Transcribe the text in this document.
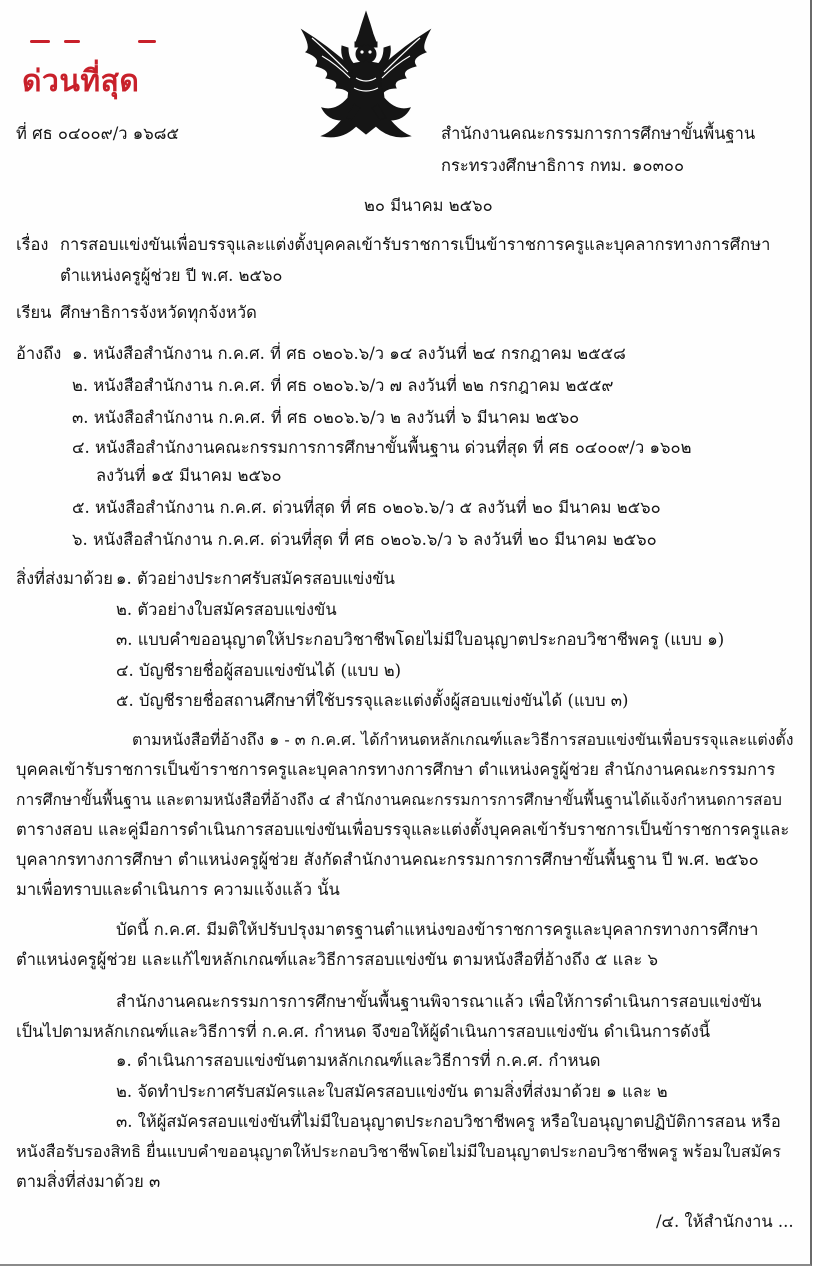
ด่วนที่สุด
ที่ ศธ ๐๔๐๐๙/ว ๑๖๘๕	สำนักงานคณะกรรมการการศึกษาขั้นพื้นฐาน
กระทรวงศึกษาธิการ กทม. ๑๐๓๐๐
๒๐ มีนาคม ๒๕๖๐
เรื่อง การสอบแข่งขันเพื่อบรรจุและแต่งตั้งบุคคลเข้ารับราชการเป็นข้าราชการครูและบุคลากรทางการศึกษา
ตำแหน่งครูผู้ช่วย ปี พ.ศ. ๒๕๖๐
เรียน ศึกษาธิการจังหวัดทุกจังหวัด
อ้างถึง ๑. หนังสือสำนักงาน ก.ค.ศ. ที่ ศธ ๐๒๐๖.๖/ว ๑๔ ลงวันที่ ๒๔ กรกฎาคม ๒๕๕๘
๒. หนังสือสำนักงาน ก.ค.ศ. ที่ ศธ ๐๒๐๖.๖/ว ๗ ลงวันที่ ๒๒ กรกฎาคม ๒๕๕๙
๓. หนังสือสำนักงาน ก.ค.ศ. ที่ ศธ ๐๒๐๖.๖/ว ๒ ลงวันที่ ๖ มีนาคม ๒๕๖๐
๔. หนังสือสำนักงานคณะกรรมการการศึกษาขั้นพื้นฐาน ด่วนที่สุด ที่ ศธ ๐๔๐๐๙/ว ๑๖๐๒
ลงวันที่ ๑๕ มีนาคม ๒๕๖๐
๕. หนังสือสำนักงาน ก.ค.ศ. ด่วนที่สุด ที่ ศธ ๐๒๐๖.๖/ว ๕ ลงวันที่ ๒๐ มีนาคม ๒๕๖๐
๖. หนังสือสำนักงาน ก.ค.ศ. ด่วนที่สุด ที่ ศธ ๐๒๐๖.๖/ว ๖ ลงวันที่ ๒๐ มีนาคม ๒๕๖๐
สิ่งที่ส่งมาด้วย ๑. ตัวอย่างประกาศรับสมัครสอบแข่งขัน
๒. ตัวอย่างใบสมัครสอบแข่งขัน
๓. แบบคำขออนุญาตให้ประกอบวิชาชีพโดยไม่มีใบอนุญาตประกอบวิชาชีพครู (แบบ ๑)
๔. บัญชีรายชื่อผู้สอบแข่งขันได้ (แบบ ๒)
๕. บัญชีรายชื่อสถานศึกษาที่ใช้บรรจุและแต่งตั้งผู้สอบแข่งขันได้ (แบบ ๓)
ตามหนังสือที่อ้างถึง ๑ - ๓ ก.ค.ศ. ได้กำหนดหลักเกณฑ์และวิธีการสอบแข่งขันเพื่อบรรจุและแต่งตั้ง
บุคคลเข้ารับราชการเป็นข้าราชการครูและบุคลากรทางการศึกษา ตำแหน่งครูผู้ช่วย สำนักงานคณะกรรมการ
การศึกษาขั้นพื้นฐาน และตามหนังสือที่อ้างถึง ๔ สำนักงานคณะกรรมการการศึกษาขั้นพื้นฐานได้แจ้งกำหนดการสอบ
ตารางสอบ และคู่มือการดำเนินการสอบแข่งขันเพื่อบรรจุและแต่งตั้งบุคคลเข้ารับราชการเป็นข้าราชการครูและ
บุคลากรทางการศึกษา ตำแหน่งครูผู้ช่วย สังกัดสำนักงานคณะกรรมการการศึกษาขั้นพื้นฐาน ปี พ.ศ. ๒๕๖๐
มาเพื่อทราบและดำเนินการ ความแจ้งแล้ว นั้น
บัดนี้ ก.ค.ศ. มีมติให้ปรับปรุงมาตรฐานตำแหน่งของข้าราชการครูและบุคลากรทางการศึกษา
ตำแหน่งครูผู้ช่วย และแก้ไขหลักเกณฑ์และวิธีการสอบแข่งขัน ตามหนังสือที่อ้างถึง ๕ และ ๖
สำนักงานคณะกรรมการการศึกษาขั้นพื้นฐานพิจารณาแล้ว เพื่อให้การดำเนินการสอบแข่งขัน
เป็นไปตามหลักเกณฑ์และวิธีการที่ ก.ค.ศ. กำหนด จึงขอให้ผู้ดำเนินการสอบแข่งขัน ดำเนินการดังนี้
๑. ดำเนินการสอบแข่งขันตามหลักเกณฑ์และวิธีการที่ ก.ค.ศ. กำหนด
๒. จัดทำประกาศรับสมัครและใบสมัครสอบแข่งขัน ตามสิ่งที่ส่งมาด้วย ๑ และ ๒
๓. ให้ผู้สมัครสอบแข่งขันที่ไม่มีใบอนุญาตประกอบวิชาชีพครู หรือใบอนุญาตปฏิบัติการสอน หรือ
หนังสือรับรองสิทธิ ยื่นแบบคำขออนุญาตให้ประกอบวิชาชีพโดยไม่มีใบอนุญาตประกอบวิชาชีพครู พร้อมใบสมัคร
ตามสิ่งที่ส่งมาด้วย ๓
/๔. ให้สำนักงาน ...
